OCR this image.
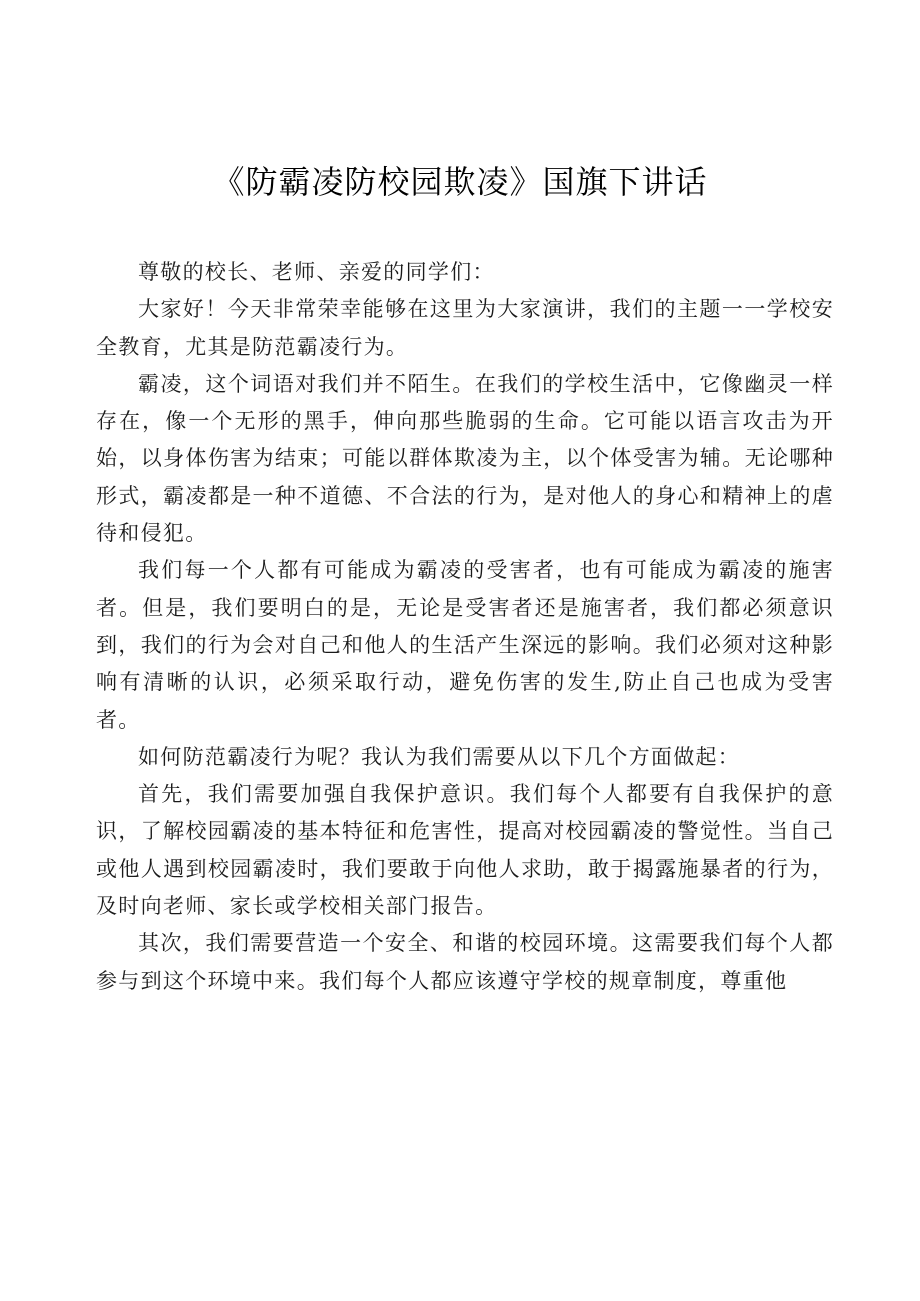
《防霸凌防校园欺凌》国旗下讲话

尊敬的校长、老师、亲爱的同学们：

大家好！今天非常荣幸能够在这里为大家演讲，我们的主题一一学校安全教育，尤其是防范霸凌行为。

霸凌，这个词语对我们并不陌生。在我们的学校生活中，它像幽灵一样存在，像一个无形的黑手，伸向那些脆弱的生命。它可能以语言攻击为开始，以身体伤害为结束；可能以群体欺凌为主，以个体受害为辅。无论哪种形式，霸凌都是一种不道德、不合法的行为，是对他人的身心和精神上的虐待和侵犯。

我们每一个人都有可能成为霸凌的受害者，也有可能成为霸凌的施害者。但是，我们要明白的是，无论是受害者还是施害者，我们都必须意识到，我们的行为会对自己和他人的生活产生深远的影响。我们必须对这种影响有清晰的认识，必须采取行动，避免伤害的发生,防止自己也成为受害者。

如何防范霸凌行为呢？我认为我们需要从以下几个方面做起：

首先，我们需要加强自我保护意识。我们每个人都要有自我保护的意识，了解校园霸凌的基本特征和危害性，提高对校园霸凌的警觉性。当自己或他人遇到校园霸凌时，我们要敢于向他人求助，敢于揭露施暴者的行为，及时向老师、家长或学校相关部门报告。

其次，我们需要营造一个安全、和谐的校园环境。这需要我们每个人都参与到这个环境中来。我们每个人都应该遵守学校的规章制度，尊重他
